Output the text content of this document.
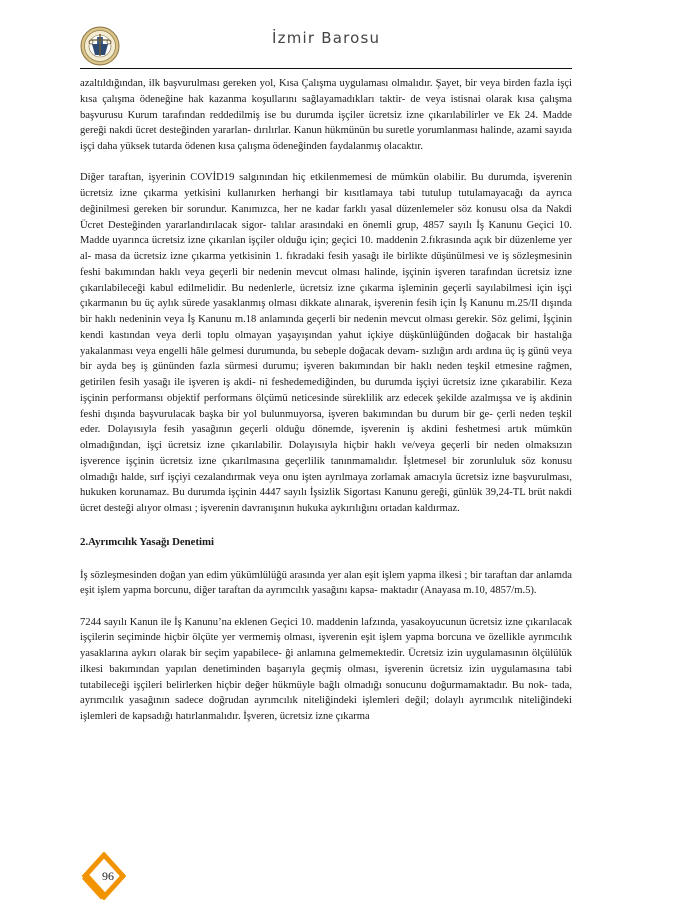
İzmir Barosu

azaltıldığından, ilk başvurulması gereken yol, Kısa Çalışma uygulaması olmalıdır. Şayet, bir veya birden fazla işçi kısa çalışma ödeneğine hak kazanma koşullarını sağlayamadıkları taktir- de veya istisnai olarak kısa çalışma başvurusu Kurum tarafından reddedilmiş ise bu durumda işçiler ücretsiz izne çıkarılabilirler ve Ek 24. Madde gereği nakdi ücret desteğinden yararlan- dırılırlar. Kanun hükmünün bu suretle yorumlanması halinde, azami sayıda işçi daha yüksek tutarda ödenen kısa çalışma ödeneğinden faydalanmış olacaktır.

Diğer taraftan, işyerinin COVİD19 salgınından hiç etkilenmemesi de mümkün olabilir. Bu durumda, işverenin ücretsiz izne çıkarma yetkisini kullanırken herhangi bir kısıtlamaya tabi tutulup tutulamayacağı da ayrıca değinilmesi gereken bir sorundur. Kanımızca, her ne kadar farklı yasal düzenlemeler söz konusu olsa da Nakdi Ücret Desteğinden yararlandırılacak sigor- talılar arasındaki en önemli grup, 4857 sayılı İş Kanunu Geçici 10. Madde uyarınca ücretsiz izne çıkarılan işçiler olduğu için; geçici 10. maddenin 2.fıkrasında açık bir düzenleme yer al- masa da ücretsiz izne çıkarma yetkisinin 1. fıkradaki fesih yasağı ile birlikte düşünülmesi ve iş sözleşmesinin feshi bakımından haklı veya geçerli bir nedenin mevcut olması halinde, işçinin işveren tarafından ücretsiz izne çıkarılabileceği kabul edilmelidir. Bu nedenlerle, ücretsiz izne çıkarma işleminin geçerli sayılabilmesi için işçi çıkarmanın bu üç aylık sürede yasaklanmış olması dikkate alınarak, işverenin fesih için İş Kanunu m.25/II dışında bir haklı nedeninin veya İş Kanunu m.18 anlamında geçerli bir nedenin mevcut olması gerekir. Söz gelimi, İşçinin kendi kastından veya derli toplu olmayan yaşayışından yahut içkiye düşkünlüğünden doğacak bir hastalığa yakalanması veya engelli hâle gelmesi durumunda, bu sebeple doğacak devam- sızlığın ardı ardına üç iş günü veya bir ayda beş iş gününden fazla sürmesi durumu; işveren bakımından bir haklı neden teşkil etmesine rağmen, getirilen fesih yasağı ile işveren iş akdi- ni feshedemediğinden, bu durumda işçiyi ücretsiz izne çıkarabilir. Keza işçinin performansı objektif performans ölçümü neticesinde süreklilik arz edecek şekilde azalmışsa ve iş akdinin feshi dışında başvurulacak başka bir yol bulunmuyorsa, işveren bakımından bu durum bir ge- çerli neden teşkil eder. Dolayısıyla fesih yasağının geçerli olduğu dönemde, işverenin iş akdini feshetmesi artık mümkün olmadığından, işçi ücretsiz izne çıkarılabilir. Dolayısıyla hiçbir haklı ve/veya geçerli bir neden olmaksızın işverence işçinin ücretsiz izne çıkarılmasına geçerlilik tanınmamalıdır. İşletmesel bir zorunluluk söz konusu olmadığı halde, sırf işçiyi cezalandırmak veya onu işten ayrılmaya zorlamak amacıyla ücretsiz izne başvurulması, hukuken korunamaz. Bu durumda işçinin 4447 sayılı İşsizlik Sigortası Kanunu gereği, günlük 39,24-TL brüt nakdi ücret desteği alıyor olması ; işverenin davranışının hukuka aykırılığını ortadan kaldırmaz.

2.Ayrımcılık Yasağı Denetimi

İş sözleşmesinden doğan yan edim yükümlülüğü arasında yer alan eşit işlem yapma ilkesi ; bir taraftan dar anlamda eşit işlem yapma borcunu, diğer taraftan da ayrımcılık yasağını kapsa- maktadır (Anayasa m.10, 4857/m.5).

7244 sayılı Kanun ile İş Kanunu’na eklenen Geçici 10. maddenin lafzında, yasakoyucunun ücretsiz izne çıkarılacak işçilerin seçiminde hiçbir ölçüte yer vermemiş olması, işverenin eşit işlem yapma borcuna ve özellikle ayrımcılık yasaklarına aykırı olarak bir seçim yapabilece- ği anlamına gelmemektedir. Ücretsiz izin uygulamasının ölçülülük ilkesi bakımından yapılan denetiminden başarıyla geçmiş olması, işverenin ücretsiz izin uygulamasına tabi tutabileceği işçileri belirlerken hiçbir değer hükmüyle bağlı olmadığı sonucunu doğurmamaktadır. Bu nok- tada, ayrımcılık yasağının sadece doğrudan ayrımcılık niteliğindeki işlemleri değil; dolaylı ayrımcılık niteliğindeki işlemleri de kapsadığı hatırlanmalıdır. İşveren, ücretsiz izne çıkarma

96
